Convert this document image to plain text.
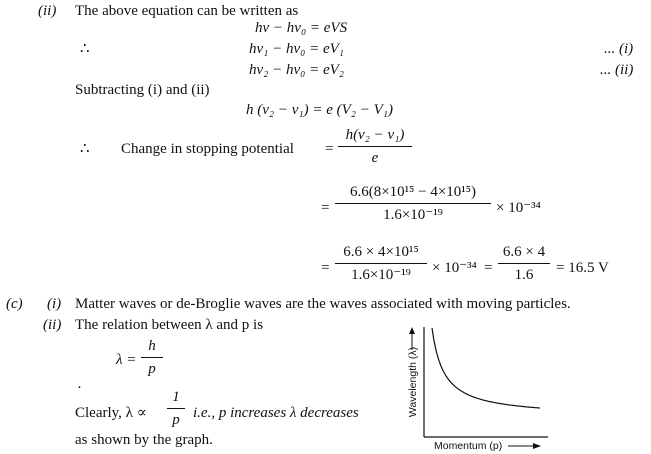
(ii) The above equation can be written as
hν − hν₀ = eVS
∴	hν₁ − hν₀ = eV₁	... (i)
hν₂ − hν₀ = eV₂	... (ii)
Subtracting (i) and (ii)
h (ν₂ − ν₁) = e (V₂ − V₁)
∴ Change in stopping potential =
h(ν₂ − ν₁)
e
=
6.6(8×10¹⁵ − 4×10¹⁵)
1.6×10⁻¹⁹	× 10⁻³⁴
=
6.6 × 4×10¹⁵
1.6×10⁻¹⁹	× 10⁻³⁴ =
6.6 × 4
1.6	= 16.5 V
(c) (i) Matter waves or de-Broglie waves are the waves associated with moving particles.
(ii) The relation between λ and p is
λ =
h
p
·
Clearly, λ ∝
1
p i.e., p increases λ decreases
as shown by the graph.
Wavelength (λ)
Momentum (p)
